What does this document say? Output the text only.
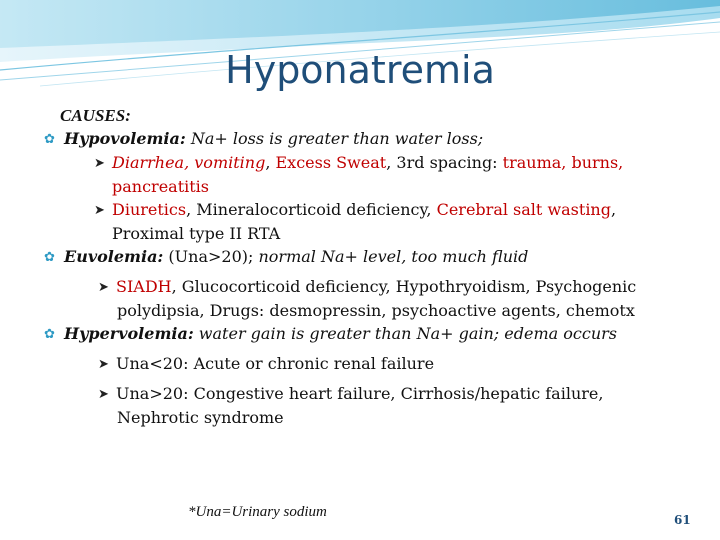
Hyponatremia
CAUSES:
✿ Hypovolemia: Na+ loss is greater than water loss;
➤ Diarrhea, vomiting, Excess Sweat, 3rd spacing: trauma, burns,
pancreatitis
➤ Diuretics, Mineralocorticoid deficiency, Cerebral salt wasting,
Proximal type II RTA
✿ Euvolemia: (Una>20); normal Na+ level, too much fluid
➤ SIADH, Glucocorticoid deficiency, Hypothryoidism, Psychogenic
polydipsia, Drugs: desmopressin, psychoactive agents, chemotx
✿ Hypervolemia: water gain is greater than Na+ gain; edema occurs
➤ Una<20: Acute or chronic renal failure
➤ Una>20: Congestive heart failure, Cirrhosis/hepatic failure,
Nephrotic syndrome
*Una=Urinary sodium	61
